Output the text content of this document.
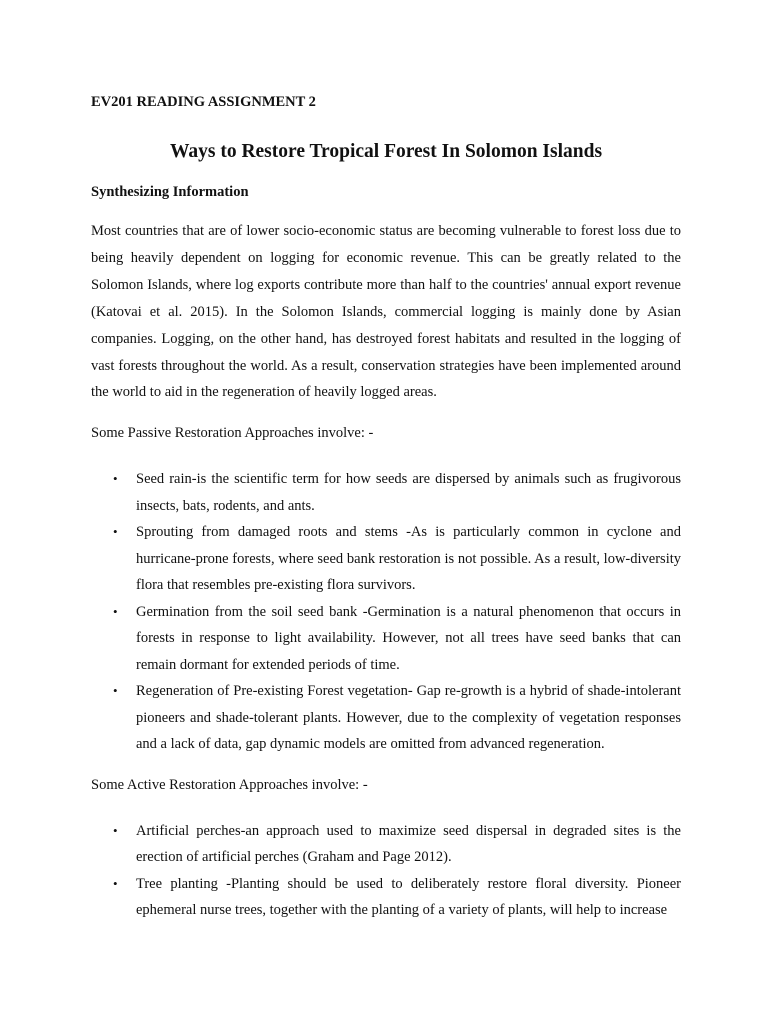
EV201 READING ASSIGNMENT 2
Ways to Restore Tropical Forest In Solomon Islands
Synthesizing Information

Most countries that are of lower socio-economic status are becoming vulnerable to forest loss due to being heavily dependent on logging for economic revenue. This can be greatly related to the Solomon Islands, where log exports contribute more than half to the countries' annual export revenue (Katovai et al. 2015). In the Solomon Islands, commercial logging is mainly done by Asian companies. Logging, on the other hand, has destroyed forest habitats and resulted in the logging of vast forests throughout the world. As a result, conservation strategies have been implemented around the world to aid in the regeneration of heavily logged areas.

Some Passive Restoration Approaches involve: -
• Seed rain-is the scientific term for how seeds are dispersed by animals such as frugivorous insects, bats, rodents, and ants.
• Sprouting from damaged roots and stems -As is particularly common in cyclone and hurricane-prone forests, where seed bank restoration is not possible. As a result, low-diversity flora that resembles pre-existing flora survivors.
• Germination from the soil seed bank -Germination is a natural phenomenon that occurs in forests in response to light availability. However, not all trees have seed banks that can remain dormant for extended periods of time.
• Regeneration of Pre-existing Forest vegetation- Gap re-growth is a hybrid of shade-intolerant pioneers and shade-tolerant plants. However, due to the complexity of vegetation responses and a lack of data, gap dynamic models are omitted from advanced regeneration.
Some Active Restoration Approaches involve: -
• Artificial perches-an approach used to maximize seed dispersal in degraded sites is the erection of artificial perches (Graham and Page 2012).
• Tree planting -Planting should be used to deliberately restore floral diversity. Pioneer ephemeral nurse trees, together with the planting of a variety of plants, will help to increase
